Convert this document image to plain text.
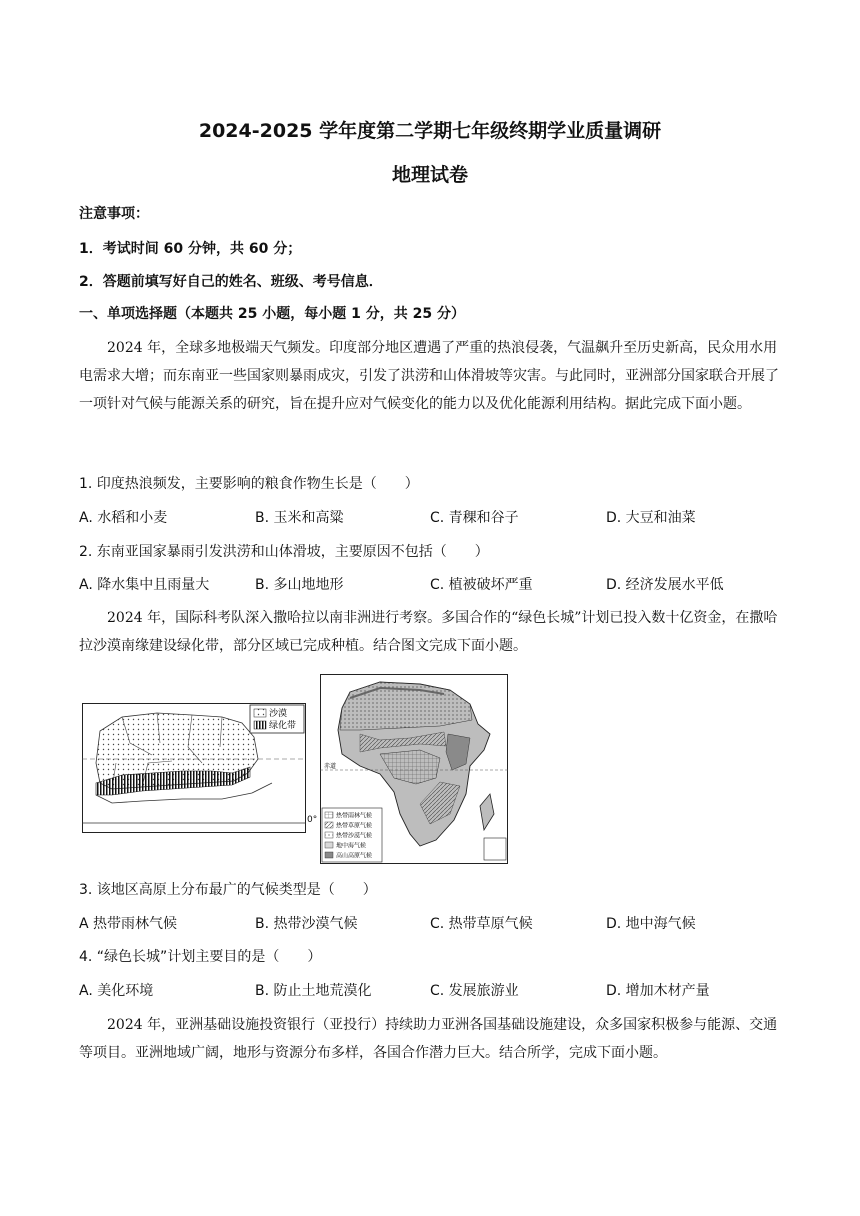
2024-2025 学年度第二学期七年级终期学业质量调研
地理试卷
注意事项：
1．考试时间 60 分钟，共 60 分；
2．答题前填写好自己的姓名、班级、考号信息．
一、单项选择题（本题共 25 小题，每小题 1 分，共 25 分）
2024 年，全球多地极端天气频发。印度部分地区遭遇了严重的热浪侵袭，气温飙升至历史新高，民众用水用电需求大增；而东南亚一些国家则暴雨成灾，引发了洪涝和山体滑坡等灾害。与此同时，亚洲部分国家联合开展了一项针对气候与能源关系的研究，旨在提升应对气候变化的能力以及优化能源利用结构。据此完成下面小题。
1. 印度热浪频发，主要影响的粮食作物生长是（　　）
A. 水稻和小麦	B. 玉米和高粱	C. 青稞和谷子	D. 大豆和油菜
2. 东南亚国家暴雨引发洪涝和山体滑坡，主要原因不包括（　　）
A. 降水集中且雨量大	B. 多山地地形	C. 植被破坏严重	D. 经济发展水平低
2024 年，国际科考队深入撒哈拉以南非洲进行考察。多国合作的“绿色长城”计划已投入数十亿资金，在撒哈拉沙漠南缘建设绿化带，部分区域已完成种植。结合图文完成下面小题。
沙漠
绿化带
0°
赤道
热带雨林气候
热带草原气候
热带沙漠气候
地中海气候
高山高原气候
3. 该地区高原上分布最广的气候类型是（　　）
A 热带雨林气候	B. 热带沙漠气候	C. 热带草原气候	D. 地中海气候
4. “绿色长城”计划主要目的是（　　）
A. 美化环境	B. 防止土地荒漠化	C. 发展旅游业	D. 增加木材产量
2024 年，亚洲基础设施投资银行（亚投行）持续助力亚洲各国基础设施建设，众多国家积极参与能源、交通等项目。亚洲地域广阔，地形与资源分布多样，各国合作潜力巨大。结合所学，完成下面小题。
